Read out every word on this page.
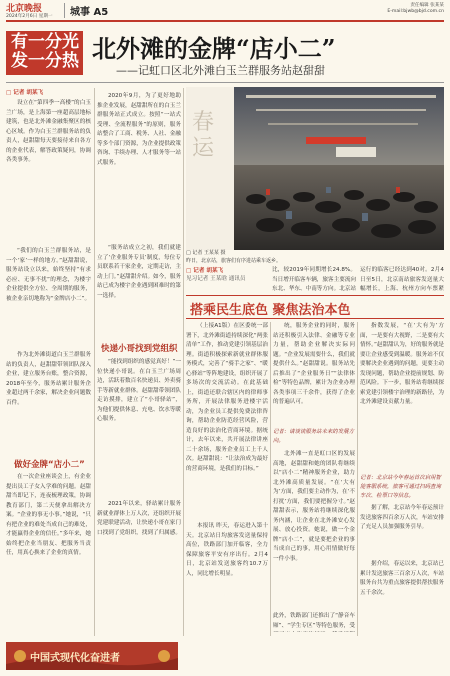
北京晚报
2024年2月6日 星期一 城事 A5
责任编辑 张某某
E-mail:bjwb@bjd.com.cn
有一分光
发一分热 北外滩的金牌“店小二”
——记虹口区北外滩白玉兰群服务站赵甜甜
□ 记者 胡某飞
设立在“第四季一高楼”的白玉兰广场，是上海第一座超高层地标建筑，也是北外滩金融集聚区的核心区域。作为白玉兰群服务站的负责人，赵甜甜每天要接待来自各方的企业代表，解答政策疑问，协调各类事务。
“我们的白玉兰群服务站，是一个‘家’一样的地方。”赵甜甜说，服务站设立以来，始终坚持“有求必应、无事不扰”的理念，为楼宇企业提供全方位、全周期的服务，被企业亲切地称为“金牌店小二”。
作为北外滩街道白玉兰群服务站的负责人，赵甜甜带领团队深入企业，建立服务台账，整合资源，2018年至今，服务站累计服务企业超过两千余家，解决企业问题数百件。
做好金牌“店小二”
在一次企业座谈会上，有企业提出员工子女入学难的问题。赵甜甜当即记下，连夜梳理政策，协调教育部门，第二天便拿出解决方案。“企业的事无小事。”她说，“只有把企业的难处当成自己的难处，才能赢得企业的信任。”多年来，她始终把企业当朋友、把服务当责任，用真心换来了企业的真情。
2020年9月，为了更好地助推企业发展，赵甜甜所在的白玉兰群服务站正式成立。按照“一站式受理、全流程服务”的原则，服务站整合了工商、税务、人社、金融等多个部门资源，为企业提供政策咨询、手续办理、人才服务等一站式服务。
“服务站成立之初，我们就建立了‘企业服务专员’制度，每位专员联系若干家企业，定期走访，主动上门。”赵甜甜介绍。如今，服务站已成为楼宇企业遇到困难时的第一选择。
快递小哥找到党组织
“能找到组织的感觉真好！”一位快递小哥说。在白玉兰广场周边，活跃着数百名快递员、外卖骑手等新就业群体。赵甜甜带领团队走访摸排，建立了“小哥驿站”，为他们提供休息、充电、饮水等暖心服务。
2021年以来，驿站累计服务新就业群体上万人次，还组织开展党建联建活动，让快递小哥在家门口找到了党组织，找到了归属感。
春运
□ 记者 王某某 摄
昨日，北京站，旅客们有序进站乘车返乡。
□ 记者 胡某飞
见习记者 王某晗 通讯员
比，较2019年同期增长24.8%。当日增开临客车辆，旅客主要流向东北、华东、中南等方向。北京站
运行的临客已经达到40对。2月4日至5日，北京南站旅客发送量大幅增长，上海、杭州方向车票紧
搭乘民生底色 聚焦法治本色
（上接A1版）在区委统一部署下，北外滩街道持续深化“两张清单”工作，推动党建引领基层治理。街道积极探索新就业群体服务模式，完善了“骑手之家”、“暖心驿站”等阵地建设，组织开展了多场次的交流活动。在此基础上，街道还联合辖区内的律师事务所，开展法律服务进楼宇活动，为企业员工提供免费法律咨询，帮助企业防范经营风险，营造良好的法治化营商环境。据统计，去年以来，共开展法律讲座二十余场，服务企业员工上千人次。赵甜甜说：“让法治成为最好的营商环境，是我们的目标。”
本报讯 昨天，春运进入第十天。北京站日均旅客发送量保持高位，铁路部门加开临客，全力保障旅客平安有序出行。2月4日，北京站发送旅客约10.7万人，同比增长明显。
统，服务企业的同时，服务站还积极引入法律、金融等专业力量，帮助企业解决实际问题。“企业发展需要什么，我们就提供什么。”赵甜甜说。服务站先后推出了“企业服务日”“法律体检”等特色品牌，累计为企业办理各类事项三千余件，获得了企业的普遍认可。
记者：请谈谈服务站未来的发展方向。
北外滩一直是虹口区的发展高地，赵甜甜和她的团队将继续以“店小二”精神服务企业，助力北外滩高质量发展。“在‘大有为’方面，我们要主动作为，在‘不打扰’方面，我们要把握分寸。”赵甜甜表示，服务站将继续深化服务内涵，让企业在北外滩安心发展、放心投资。她说，做一个金牌“店小二”，就是要把企业的事当成自己的事，用心用情做好每一件小事。
指数发展，“在‘大有为’方面，一是要有大视野，二是要有大情怀。”赵甜甜认为，好的服务就是要让企业感受到温暖。服务站不仅要解决企业遇到的问题，更要主动发现问题，帮助企业提前规划、防范风险。下一步，服务站将继续探索党建引领楼宇治理的新路径，为北外滩建设贡献力量。
记者：北京站今年春运首次启用智能客服系统，旅客可通过扫码查询车次、检票口等信息。
据了解，北京站今年春运预计发送旅客四百余万人次，车站安排了充足人员加强服务引导。
据介绍，春运以来，北京站已累计发送旅客三百余万人次，车站服务台共为重点旅客提供帮扶服务五千余次。
此外，铁路部门还推出了“静音车厢”、“学生专区”等特色服务，受
中国式现代化奋进者
